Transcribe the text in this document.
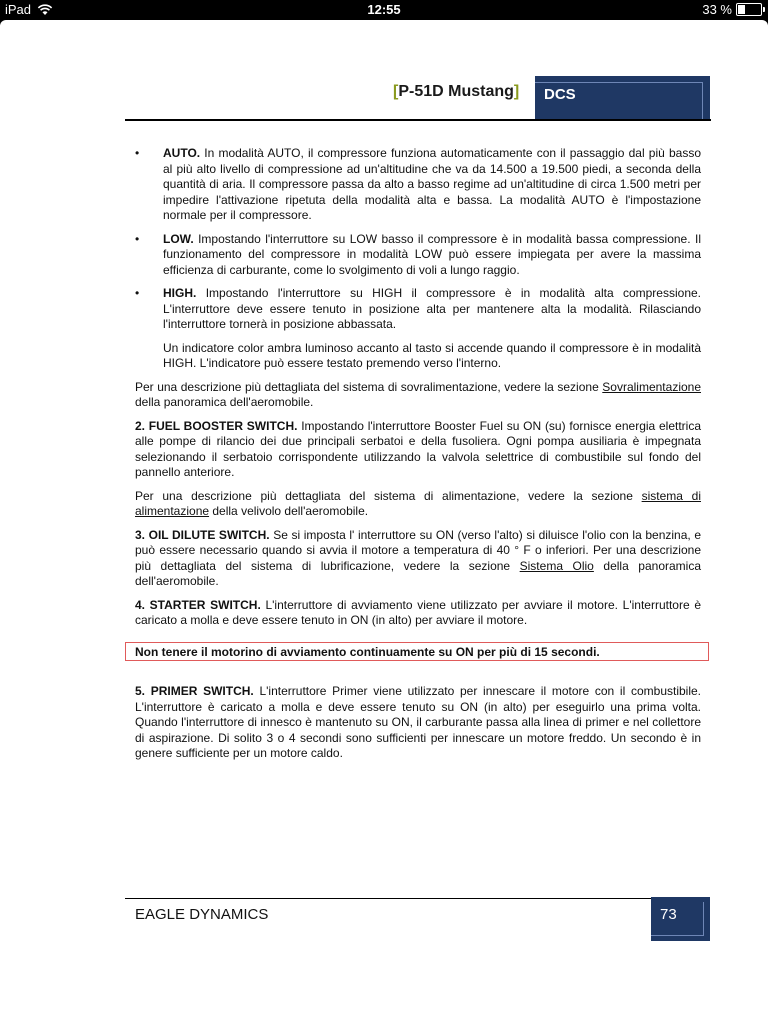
iPad	12:55	33 %
[P-51D Mustang] DCS
• AUTO. In modalità AUTO, il compressore funziona automaticamente con il passaggio dal più basso al più alto livello di compressione ad un'altitudine che va da 14.500 a 19.500 piedi, a seconda della quantità di aria. Il compressore passa da alto a basso regime ad un'altitudine di circa 1.500 metri per impedire l'attivazione ripetuta della modalità alta e bassa. La modalità AUTO è l'impostazione normale per il compressore.
• LOW. Impostando l'interruttore su LOW basso il compressore è in modalità bassa compressione. Il funzionamento del compressore in modalità LOW può essere impiegata per avere la massima efficienza di carburante, come lo svolgimento di voli a lungo raggio.
• HIGH. Impostando l'interruttore su HIGH il compressore è in modalità alta compressione. L'interruttore deve essere tenuto in posizione alta per mantenere alta la modalità. Rilasciando l'interruttore tornerà in posizione abbassata.

Un indicatore color ambra luminoso accanto al tasto si accende quando il compressore è in modalità HIGH. L'indicatore può essere testato premendo verso l'interno.

Per una descrizione più dettagliata del sistema di sovralimentazione, vedere la sezione Sovralimentazione della panoramica dell'aeromobile.

2. FUEL BOOSTER SWITCH. Impostando l'interruttore Booster Fuel su ON (su) fornisce energia elettrica alle pompe di rilancio dei due principali serbatoi e della fusoliera. Ogni pompa ausiliaria è impegnata selezionando il serbatoio corrispondente utilizzando la valvola selettrice di combustibile sul fondo del pannello anteriore.

Per una descrizione più dettagliata del sistema di alimentazione, vedere la sezione sistema di alimentazione della velivolo dell'aeromobile.

3. OIL DILUTE SWITCH. Se si imposta l' interruttore su ON (verso l'alto) si diluisce l'olio con la benzina, e può essere necessario quando si avvia il motore a temperatura di 40 ° F o inferiori. Per una descrizione più dettagliata del sistema di lubrificazione, vedere la sezione Sistema Olio della panoramica dell'aeromobile.

4. STARTER SWITCH. L'interruttore di avviamento viene utilizzato per avviare il motore. L'interruttore è caricato a molla e deve essere tenuto in ON (in alto) per avviare il motore.

Non tenere il motorino di avviamento continuamente su ON per più di 15 secondi.

5. PRIMER SWITCH. L'interruttore Primer viene utilizzato per innescare il motore con il combustibile. L'interruttore è caricato a molla e deve essere tenuto su ON (in alto) per eseguirlo una prima volta. Quando l'interruttore di innesco è mantenuto su ON, il carburante passa alla linea di primer e nel collettore di aspirazione. Di solito 3 o 4 secondi sono sufficienti per innescare un motore freddo. Un secondo è in genere sufficiente per un motore caldo.

EAGLE DYNAMICS	73
